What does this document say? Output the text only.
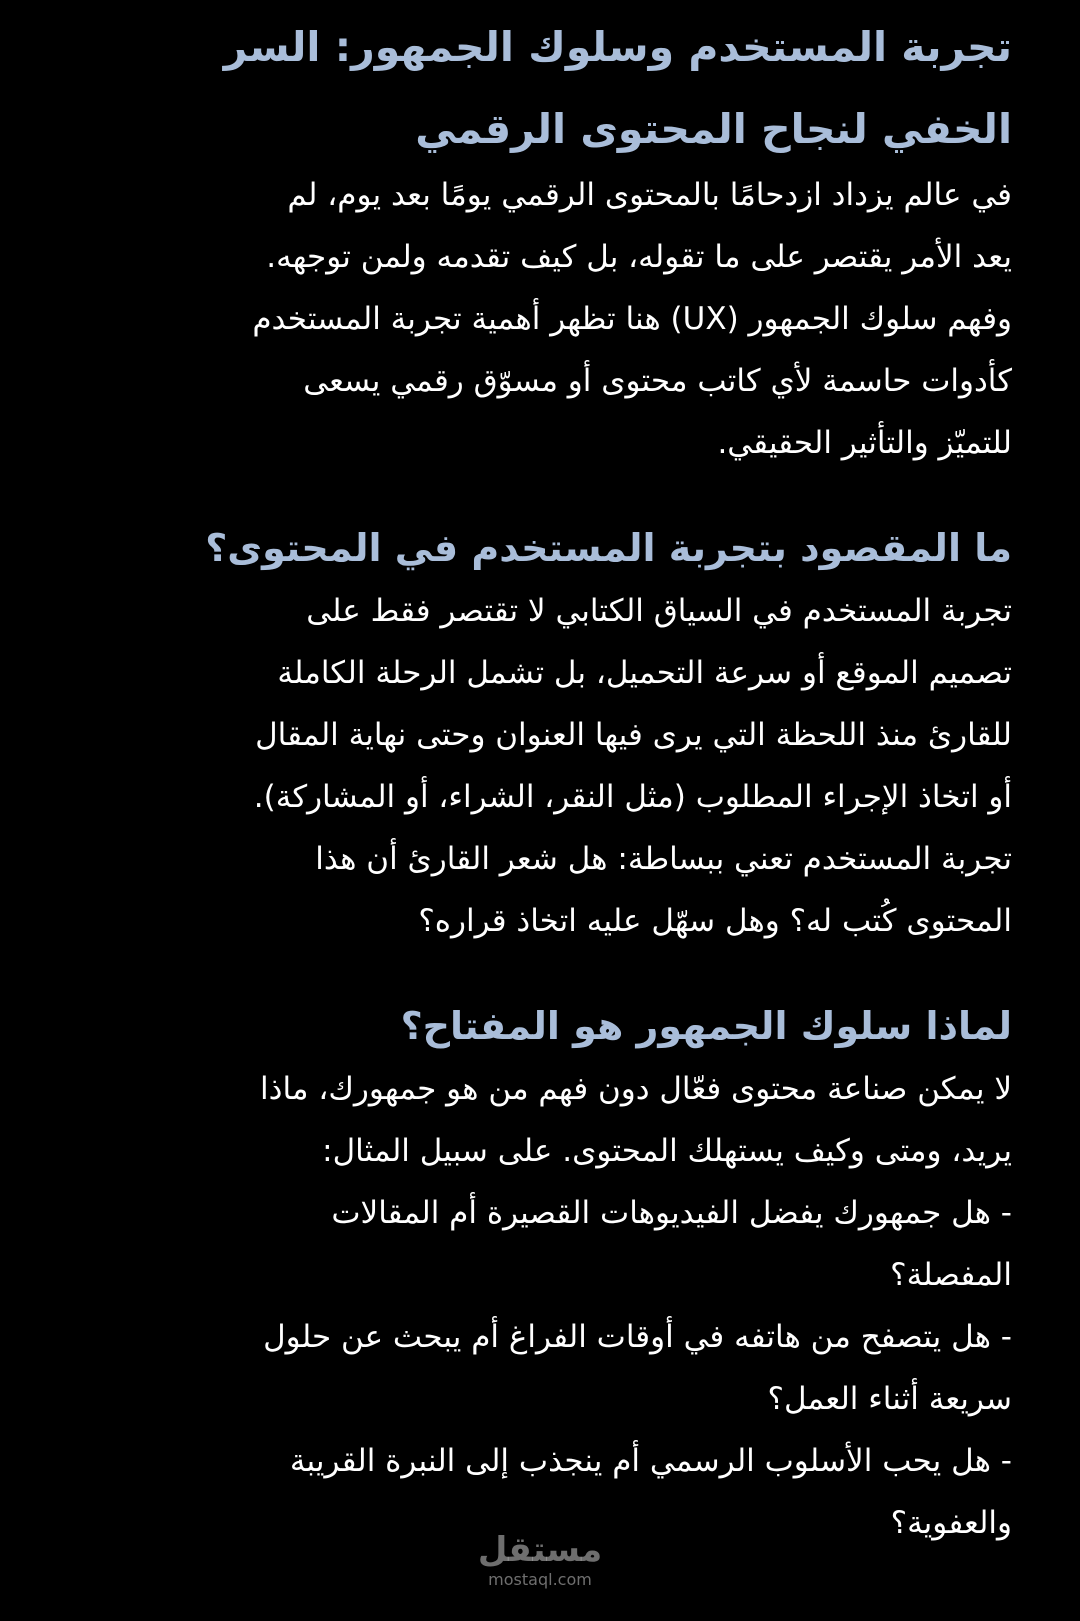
تجربة المستخدم وسلوك الجمهور: السر
الخفي لنجاح المحتوى الرقمي

في عالم يزداد ازدحامًا بالمحتوى الرقمي يومًا بعد يوم، لم

يعد الأمر يقتصر على ما تقوله، بل كيف تقدمه ولمن توجهه.

وفهم سلوك الجمهور (UX) هنا تظهر أهمية تجربة المستخدم

كأدوات حاسمة لأي كاتب محتوى أو مسوّق رقمي يسعى

للتميّز والتأثير الحقيقي.

ما المقصود بتجربة المستخدم في المحتوى؟

تجربة المستخدم في السياق الكتابي لا تقتصر فقط على

تصميم الموقع أو سرعة التحميل، بل تشمل الرحلة الكاملة

للقارئ منذ اللحظة التي يرى فيها العنوان وحتى نهاية المقال

أو اتخاذ الإجراء المطلوب (مثل النقر، الشراء، أو المشاركة).

تجربة المستخدم تعني ببساطة: هل شعر القارئ أن هذا

المحتوى كُتب له؟ وهل سهّل عليه اتخاذ قراره؟

لماذا سلوك الجمهور هو المفتاح؟

لا يمكن صناعة محتوى فعّال دون فهم من هو جمهورك، ماذا

يريد، ومتى وكيف يستهلك المحتوى. على سبيل المثال:

- هل جمهورك يفضل الفيديوهات القصيرة أم المقالات

المفصلة؟

- هل يتصفح من هاتفه في أوقات الفراغ أم يبحث عن حلول

سريعة أثناء العمل؟

- هل يحب الأسلوب الرسمي أم ينجذب إلى النبرة القريبة

والعفوية؟

مستقل
mostaql.com
